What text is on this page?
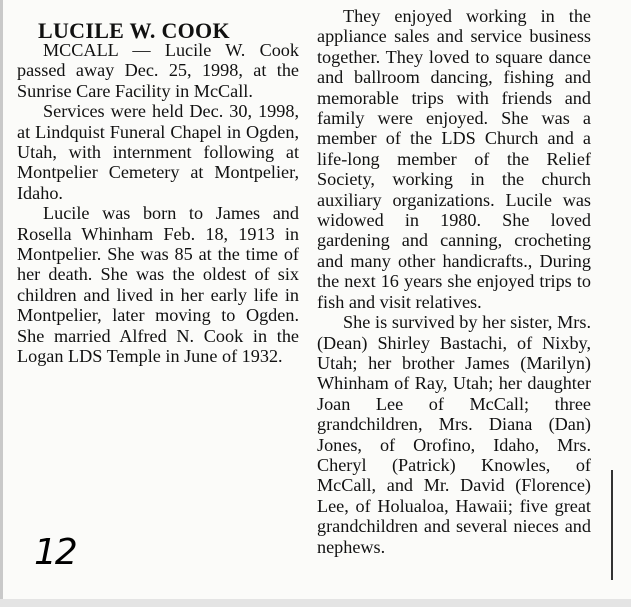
LUCILE W. COOK

MCCALL — Lucile W. Cook passed away Dec. 25, 1998, at the Sunrise Care Facility in McCall.

Services were held Dec. 30, 1998, at Lindquist Funeral Chapel in Ogden, Utah, with internment following at Montpelier Cemetery at Montpelier, Idaho.

Lucile was born to James and Rosella Whinham Feb. 18, 1913 in Montpelier. She was 85 at the time of her death. She was the oldest of six children and lived in her early life in Montpelier, later moving to Ogden. She married Alfred N. Cook in the Logan LDS Temple in June of 1932.

They enjoyed working in the appliance sales and service business together. They loved to square dance and ballroom dancing, fishing and memorable trips with friends and family were enjoyed. She was a member of the LDS Church and a life-long member of the Relief Society, working in the church auxiliary organizations. Lucile was widowed in 1980. She loved gardening and canning, crocheting and many other handicrafts., During the next 16 years she enjoyed trips to fish and visit relatives.

She is survived by her sister, Mrs. (Dean) Shirley Bastachi, of Nixby, Utah; her brother James (Marilyn) Whinham of Ray, Utah; her daughter Joan Lee of McCall; three grandchildren, Mrs. Diana (Dan) Jones, of Orofino, Idaho, Mrs. Cheryl (Patrick) Knowles, of McCall, and Mr. David (Florence) Lee, of Holualoa, Hawaii; five great grandchildren and several nieces and nephews.

12
